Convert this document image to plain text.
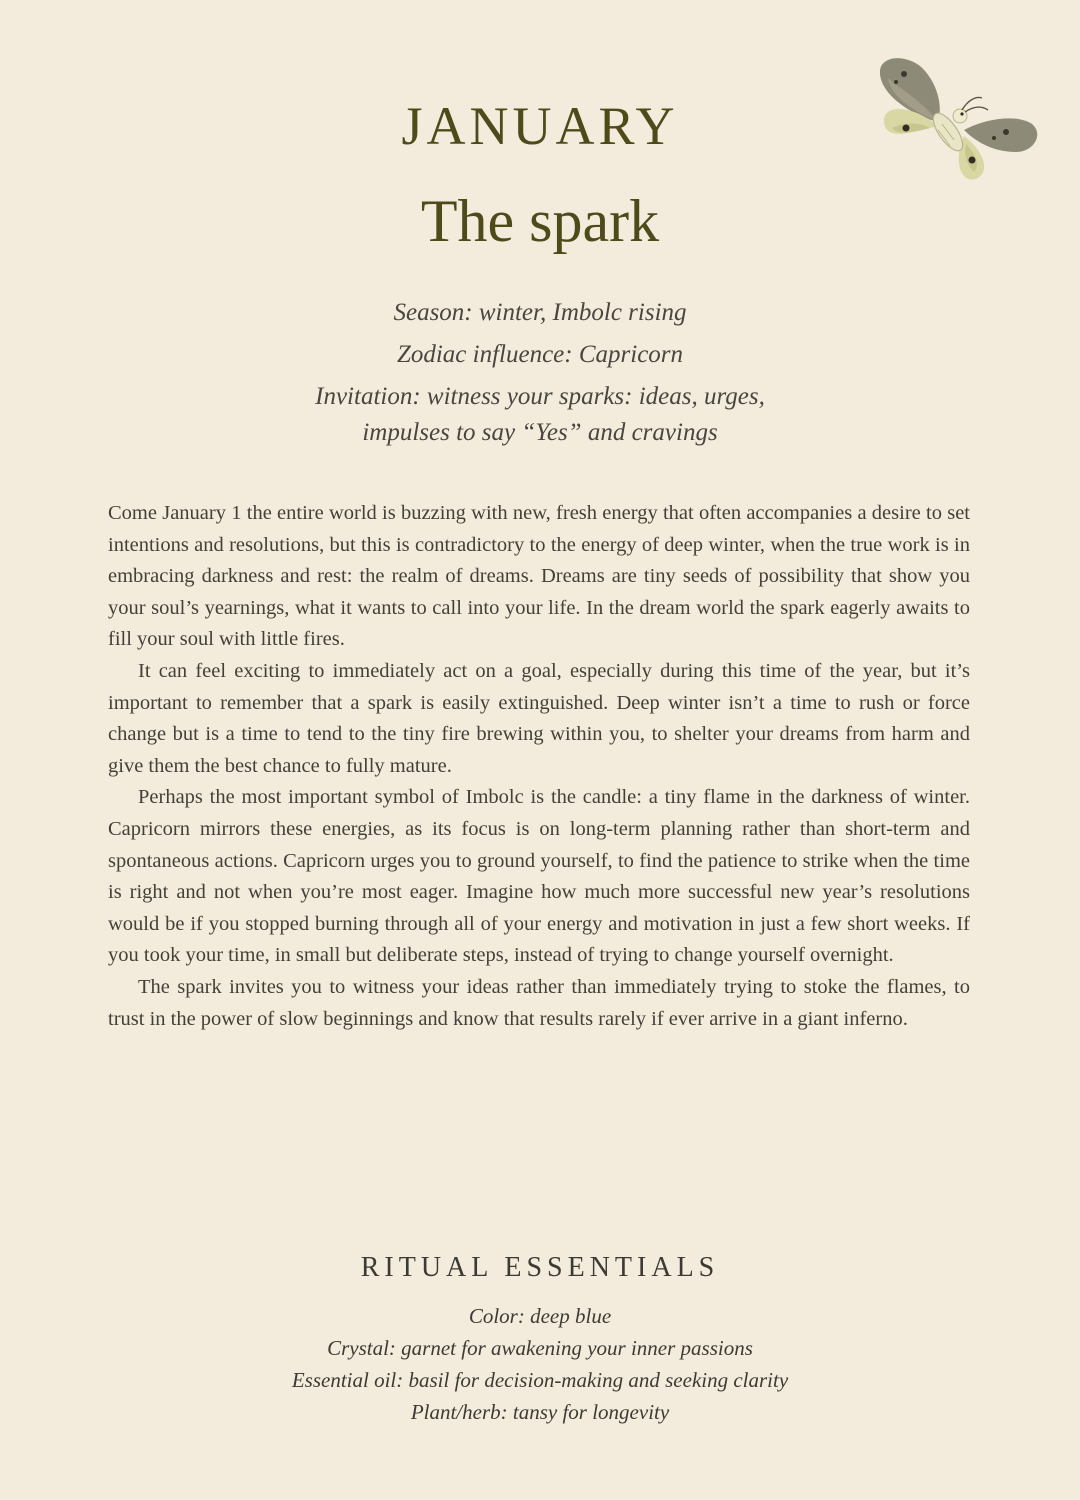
JANUARY
The spark
Season: winter, Imbolc rising
Zodiac influence: Capricorn
Invitation: witness your sparks: ideas, urges,
impulses to say “Yes” and cravings

Come January 1 the entire world is buzzing with new, fresh energy that often accompanies a desire to set intentions and resolutions, but this is contradictory to the energy of deep winter, when the true work is in embracing darkness and rest: the realm of dreams. Dreams are tiny seeds of possibility that show you your soul’s yearnings, what it wants to call into your life. In the dream world the spark eagerly awaits to fill your soul with little fires.

It can feel exciting to immediately act on a goal, especially during this time of the year, but it’s important to remember that a spark is easily extinguished. Deep winter isn’t a time to rush or force change but is a time to tend to the tiny fire brewing within you, to shelter your dreams from harm and give them the best chance to fully mature.

Perhaps the most important symbol of Imbolc is the candle: a tiny flame in the darkness of winter. Capricorn mirrors these energies, as its focus is on long-term planning rather than short-term and spontaneous actions. Capricorn urges you to ground yourself, to find the patience to strike when the time is right and not when you’re most eager. Imagine how much more successful new year’s resolutions would be if you stopped burning through all of your energy and motivation in just a few short weeks. If you took your time, in small but deliberate steps, instead of trying to change yourself overnight.

The spark invites you to witness your ideas rather than immediately trying to stoke the flames, to trust in the power of slow beginnings and know that results rarely if ever arrive in a giant inferno.

RITUAL ESSENTIALS
Color: deep blue
Crystal: garnet for awakening your inner passions
Essential oil: basil for decision-making and seeking clarity
Plant/herb: tansy for longevity
